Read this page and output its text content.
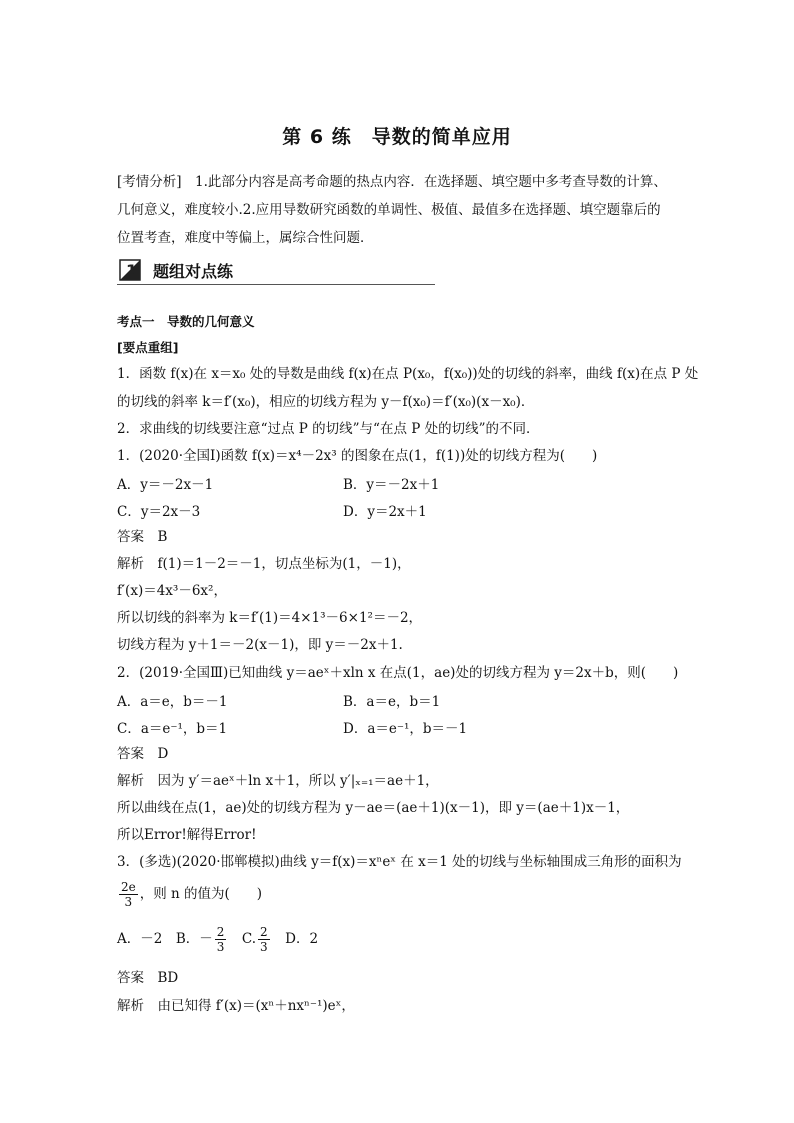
第 6 练　导数的简单应用
[考情分析]　1.此部分内容是高考命题的热点内容．在选择题、填空题中多考查导数的计算、
几何意义，难度较小.2.应用导数研究函数的单调性、极值、最值多在选择题、填空题靠后的
位置考查，难度中等偏上，属综合性问题．
1 题组对点练
考点一　导数的几何意义
[要点重组]
1．函数 f(x)在 x＝x₀ 处的导数是曲线 f(x)在点 P(x₀，f(x₀))处的切线的斜率，曲线 f(x)在点 P 处
的切线的斜率 k＝f′(x₀)，相应的切线方程为 y－f(x₀)＝f′(x₀)(x－x₀)．
2．求曲线的切线要注意“过点 P 的切线”与“在点 P 处的切线”的不同．
1．(2020·全国Ⅰ)函数 f(x)＝x⁴－2x³ 的图象在点(1，f(1))处的切线方程为(　　)
A．y＝－2x－1	B．y＝－2x＋1
C．y＝2x－3	D．y＝2x＋1
答案　B
解析　f(1)＝1－2＝－1，切点坐标为(1，－1)，
f′(x)＝4x³－6x²，
所以切线的斜率为 k＝f′(1)＝4×1³－6×1²＝－2，
切线方程为 y＋1＝－2(x－1)，即 y＝－2x＋1.
2．(2019·全国Ⅲ)已知曲线 y＝aeˣ＋xln x 在点(1，ae)处的切线方程为 y＝2x＋b，则(　　)
A．a＝e，b＝－1	B．a＝e，b＝1
C．a＝e⁻¹，b＝1	D．a＝e⁻¹，b＝－1
答案　D
解析　因为 y′＝aeˣ＋ln x＋1，所以 y′|ₓ₌₁＝ae＋1，
所以曲线在点(1，ae)处的切线方程为 y－ae＝(ae＋1)(x－1)，即 y＝(ae＋1)x－1，
所以Error!解得Error!
3．(多选)(2020·邯郸模拟)曲线 y＝f(x)＝xⁿeˣ 在 x＝1 处的切线与坐标轴围成三角形的面积为
$\frac{2e}{3}$ ，则 n 的值为(　　)
A．－2　B．－ $\frac{2}{3}$ 　C. $\frac{2}{3}$ 　D．2
答案　BD
解析　由已知得 f′(x)＝(xⁿ＋nxⁿ⁻¹)eˣ，
